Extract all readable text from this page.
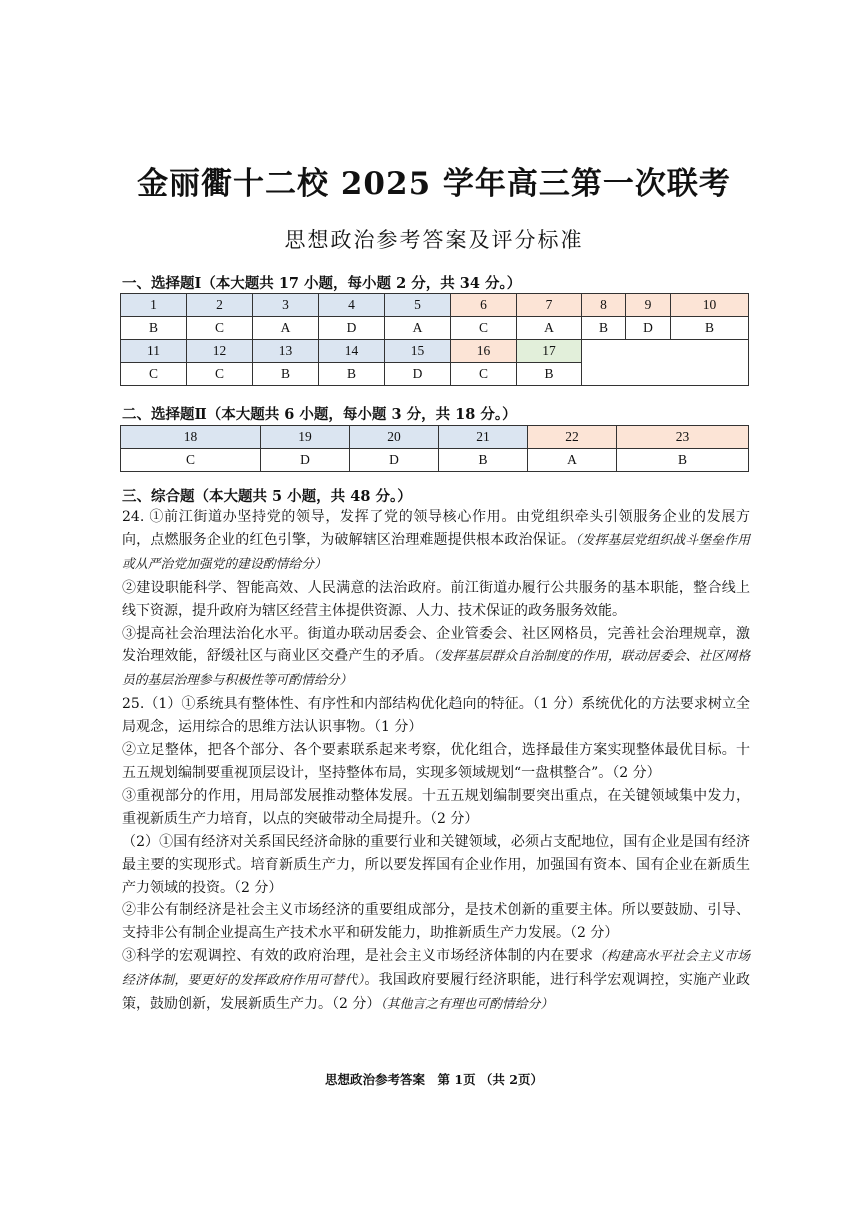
金丽衢十二校 2025 学年高三第一次联考
思想政治参考答案及评分标准
一、选择题Ⅰ（本大题共 17 小题，每小题 2 分，共 34 分。）
1	2	3	4	5	6	7	8	9	10
B	C	A	D	A	C	A	B	D	B
11	12	13	14	15	16	17			
C	C	B	B	D	C	B			
二、选择题Ⅱ（本大题共 6 小题，每小题 3 分，共 18 分。）
18	19	20	21	22	23
C	D	D	B	A	B
三、综合题（本大题共 5 小题，共 48 分。）

24. ①前江街道办坚持党的领导，发挥了党的领导核心作用。由党组织牵头引领服务企业的发展方向，点燃服务企业的红色引擎，为破解辖区治理难题提供根本政治保证。（发挥基层党组织战斗堡垒作用或从严治党加强党的建设酌情给分）

②建设职能科学、智能高效、人民满意的法治政府。前江街道办履行公共服务的基本职能，整合线上线下资源，提升政府为辖区经营主体提供资源、人力、技术保证的政务服务效能。

③提高社会治理法治化水平。街道办联动居委会、企业管委会、社区网格员，完善社会治理规章，激发治理效能，舒缓社区与商业区交叠产生的矛盾。（发挥基层群众自治制度的作用，联动居委会、社区网格员的基层治理参与积极性等可酌情给分）

25.（1）①系统具有整体性、有序性和内部结构优化趋向的特征。（1 分）系统优化的方法要求树立全局观念，运用综合的思维方法认识事物。（1 分）

②立足整体，把各个部分、各个要素联系起来考察，优化组合，选择最佳方案实现整体最优目标。十五五规划编制要重视顶层设计，坚持整体布局，实现多领域规划“一盘棋整合”。（2 分）

③重视部分的作用，用局部发展推动整体发展。十五五规划编制要突出重点，在关键领域集中发力，重视新质生产力培育，以点的突破带动全局提升。（2 分）

（2）①国有经济对关系国民经济命脉的重要行业和关键领域，必须占支配地位，国有企业是国有经济最主要的实现形式。培育新质生产力，所以要发挥国有企业作用，加强国有资本、国有企业在新质生产力领域的投资。（2 分）

②非公有制经济是社会主义市场经济的重要组成部分，是技术创新的重要主体。所以要鼓励、引导、支持非公有制企业提高生产技术水平和研发能力，助推新质生产力发展。（2 分）

③科学的宏观调控、有效的政府治理，是社会主义市场经济体制的内在要求（构建高水平社会主义市场经济体制，要更好的发挥政府作用可替代）。我国政府要履行经济职能，进行科学宏观调控，实施产业政策，鼓励创新，发展新质生产力。（2 分）（其他言之有理也可酌情给分）

思想政治参考答案　第 1页 （共 2页）
